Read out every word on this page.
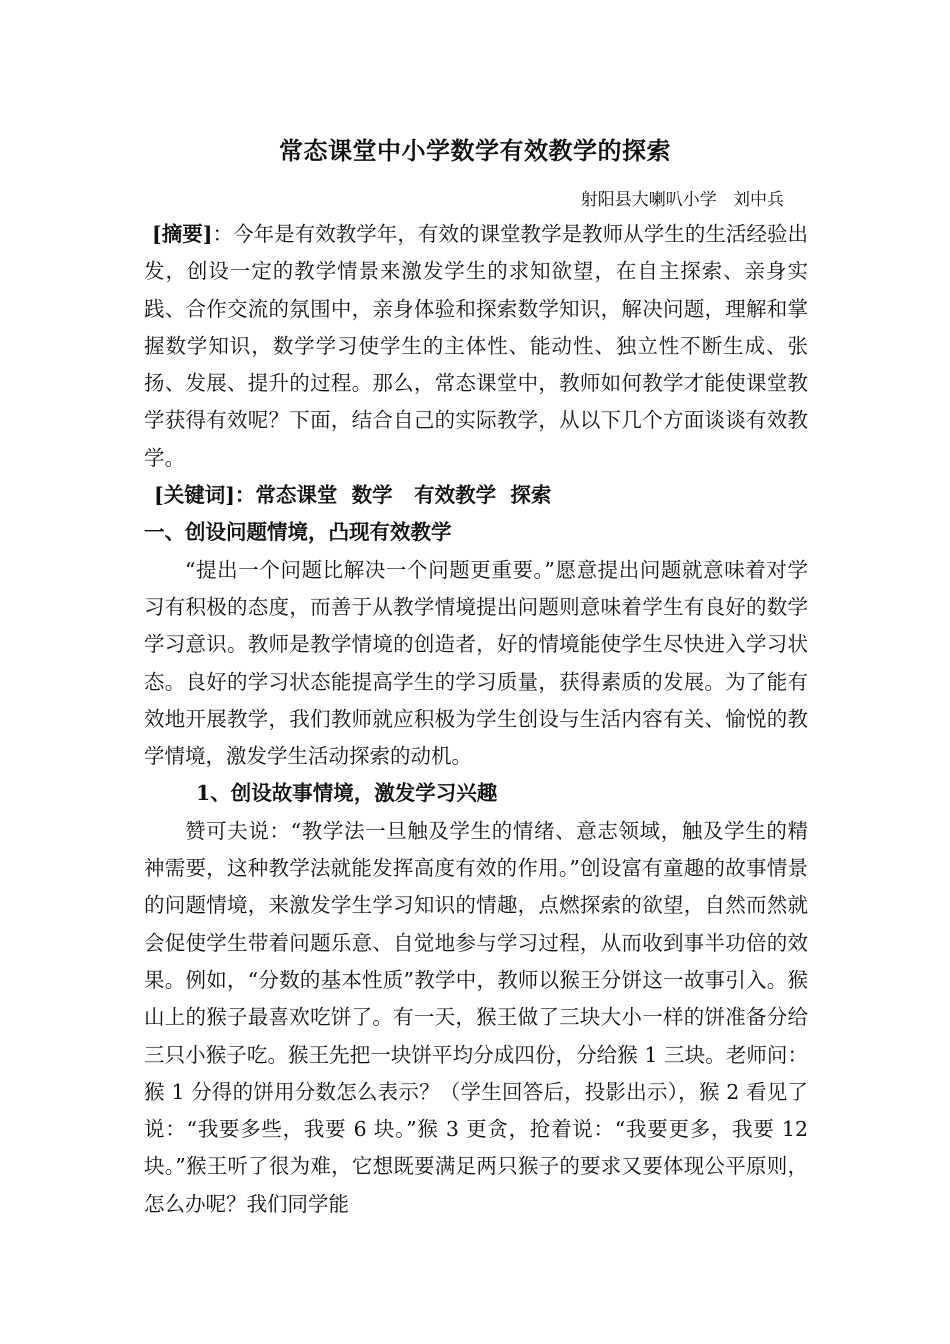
常态课堂中小学数学有效教学的探索
射阳县大喇叭小学   刘中兵

[摘要]：今年是有效教学年，有效的课堂教学是教师从学生的生活经验出发，创设一定的教学情景来激发学生的求知欲望，在自主探索、亲身实践、合作交流的氛围中，亲身体验和探索数学知识，解决问题，理解和掌握数学知识，数学学习使学生的主体性、能动性、独立性不断生成、张扬、发展、提升的过程。那么，常态课堂中，教师如何教学才能使课堂教学获得有效呢？下面，结合自己的实际教学，从以下几个方面谈谈有效教学。

[关键词]：常态课堂  数学   有效教学  探索

一、创设问题情境，凸现有效教学

“提出一个问题比解决一个问题更重要。”愿意提出问题就意味着对学习有积极的态度，而善于从教学情境提出问题则意味着学生有良好的数学学习意识。教师是教学情境的创造者，好的情境能使学生尽快进入学习状态。良好的学习状态能提高学生的学习质量，获得素质的发展。为了能有效地开展教学，我们教师就应积极为学生创设与生活内容有关、愉悦的教学情境，激发学生活动探索的动机。

1、创设故事情境，激发学习兴趣

赞可夫说：“教学法一旦触及学生的情绪、意志领域，触及学生的精神需要，这种教学法就能发挥高度有效的作用。”创设富有童趣的故事情景的问题情境，来激发学生学习知识的情趣，点燃探索的欲望，自然而然就会促使学生带着问题乐意、自觉地参与学习过程，从而收到事半功倍的效果。例如，“分数的基本性质”教学中，教师以猴王分饼这一故事引入。猴山上的猴子最喜欢吃饼了。有一天，猴王做了三块大小一样的饼准备分给三只小猴子吃。猴王先把一块饼平均分成四份，分给猴 1 三块。老师问：猴 1 分得的饼用分数怎么表示？（学生回答后，投影出示），猴 2 看见了说：“我要多些，我要 6 块。”猴 3 更贪，抢着说：“我要更多，我要 12 块。”猴王听了很为难，它想既要满足两只猴子的要求又要体现公平原则，怎么办呢？我们同学能
